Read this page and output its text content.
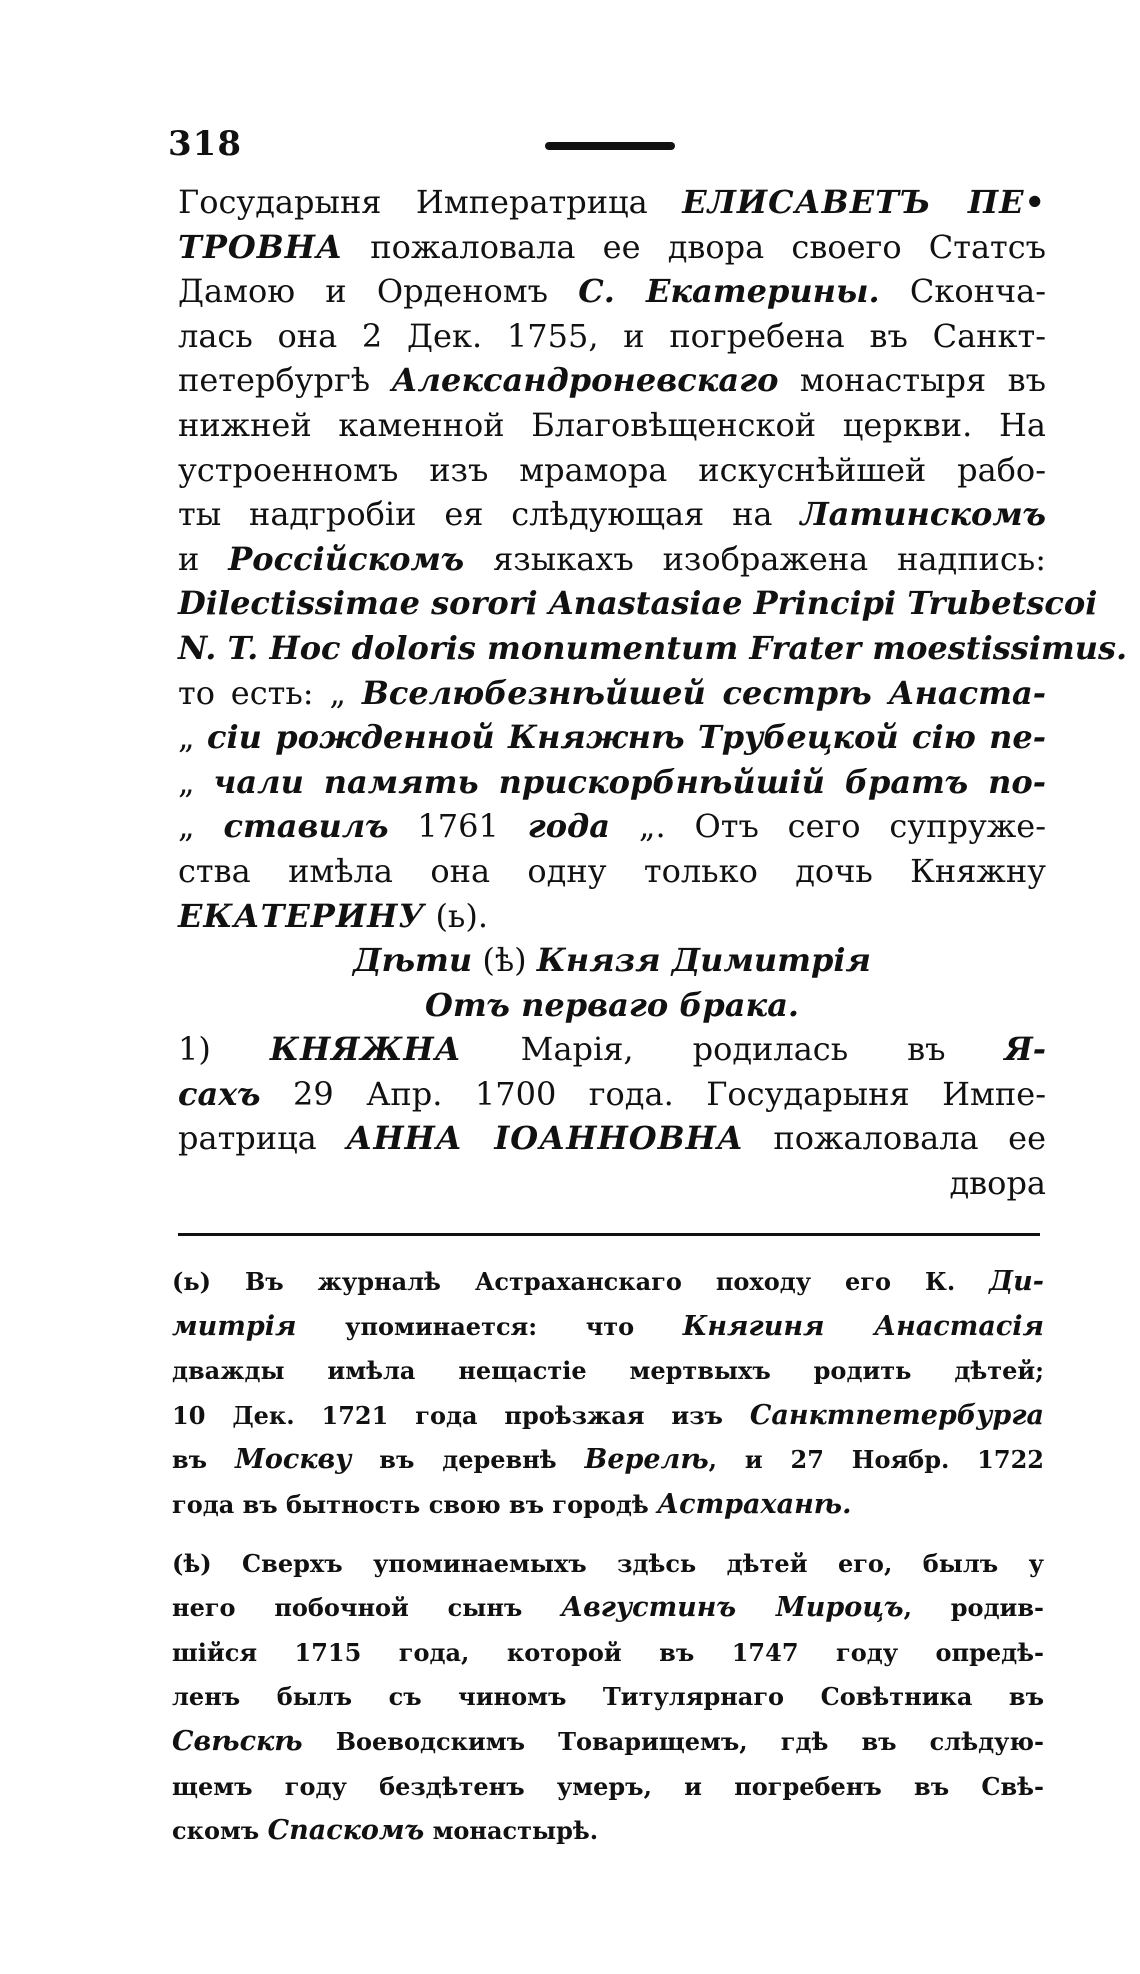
318
Государыня Императрица ЕЛИСАВЕТЪ ПЕ•
ТРОВНА пожаловала ее двора своего Статсъ
Дамою и Орденомъ С. Екатерины. Скончa-
лась она 2 Дек. 1755, и погребена въ Санкт-
петербургѣ Александроневскаго монастыря въ
нижней каменной Благовѣщенской церкви. На
устроенномъ изъ мрамора искуснѣйшей рабо-
ты надгробіи ея слѣдующая на Латинскомъ
и Россійскомъ языкахъ изображена надпись:
Dilectissimae sorori Anastasiae Principi Trubetscoi
N. T. Hoc doloris monumentum Frater moestissimus.
то есть: „ Вселюбезнѣйшей сестрѣ Анаста-
„ сіи рожденной Княжнѣ Трубецкой сію пе-
„ чали память прискорбнѣйшій братъ по-
„ ставилъ 1761 года „. Отъ сего супруже-
ства имѣла она одну только дочь Княжну
ЕКАТЕРИНУ (ь).
Дѣти (ѣ) Князя Димитрія
Отъ перваго брака.
1) КНЯЖНА Марія, родилась въ Я-
сахъ 29 Апр. 1700 года. Государыня Импе-
ратрица АННА ІОАННОВНА пожаловала ее
двора
(ь) Въ журналѣ Астраханскаго походу его К. Ди-
митрія упоминается: что Княгиня Анастасія
дважды имѣла нещастіе мертвыхъ родить дѣтей;
10 Дек. 1721 года проѣзжая изъ Санктпетербурга
въ Москву въ деревнѣ Верелѣ, и 27 Ноябр. 1722
года въ бытность свою въ городѣ Астраханѣ.
(ѣ) Сверхъ упоминаемыхъ здѣсь дѣтей его, былъ у
него побочной сынъ Августинъ Мироцъ, родив-
шійся 1715 года, которой въ 1747 году опредѣ-
ленъ былъ съ чиномъ Титулярнаго Совѣтника въ
Свѣскѣ Воеводскимъ Товарищемъ, гдѣ въ слѣдую-
щемъ году бездѣтенъ умеръ, и погребенъ въ Свѣ-
скомъ Спаскомъ монастырѣ.
